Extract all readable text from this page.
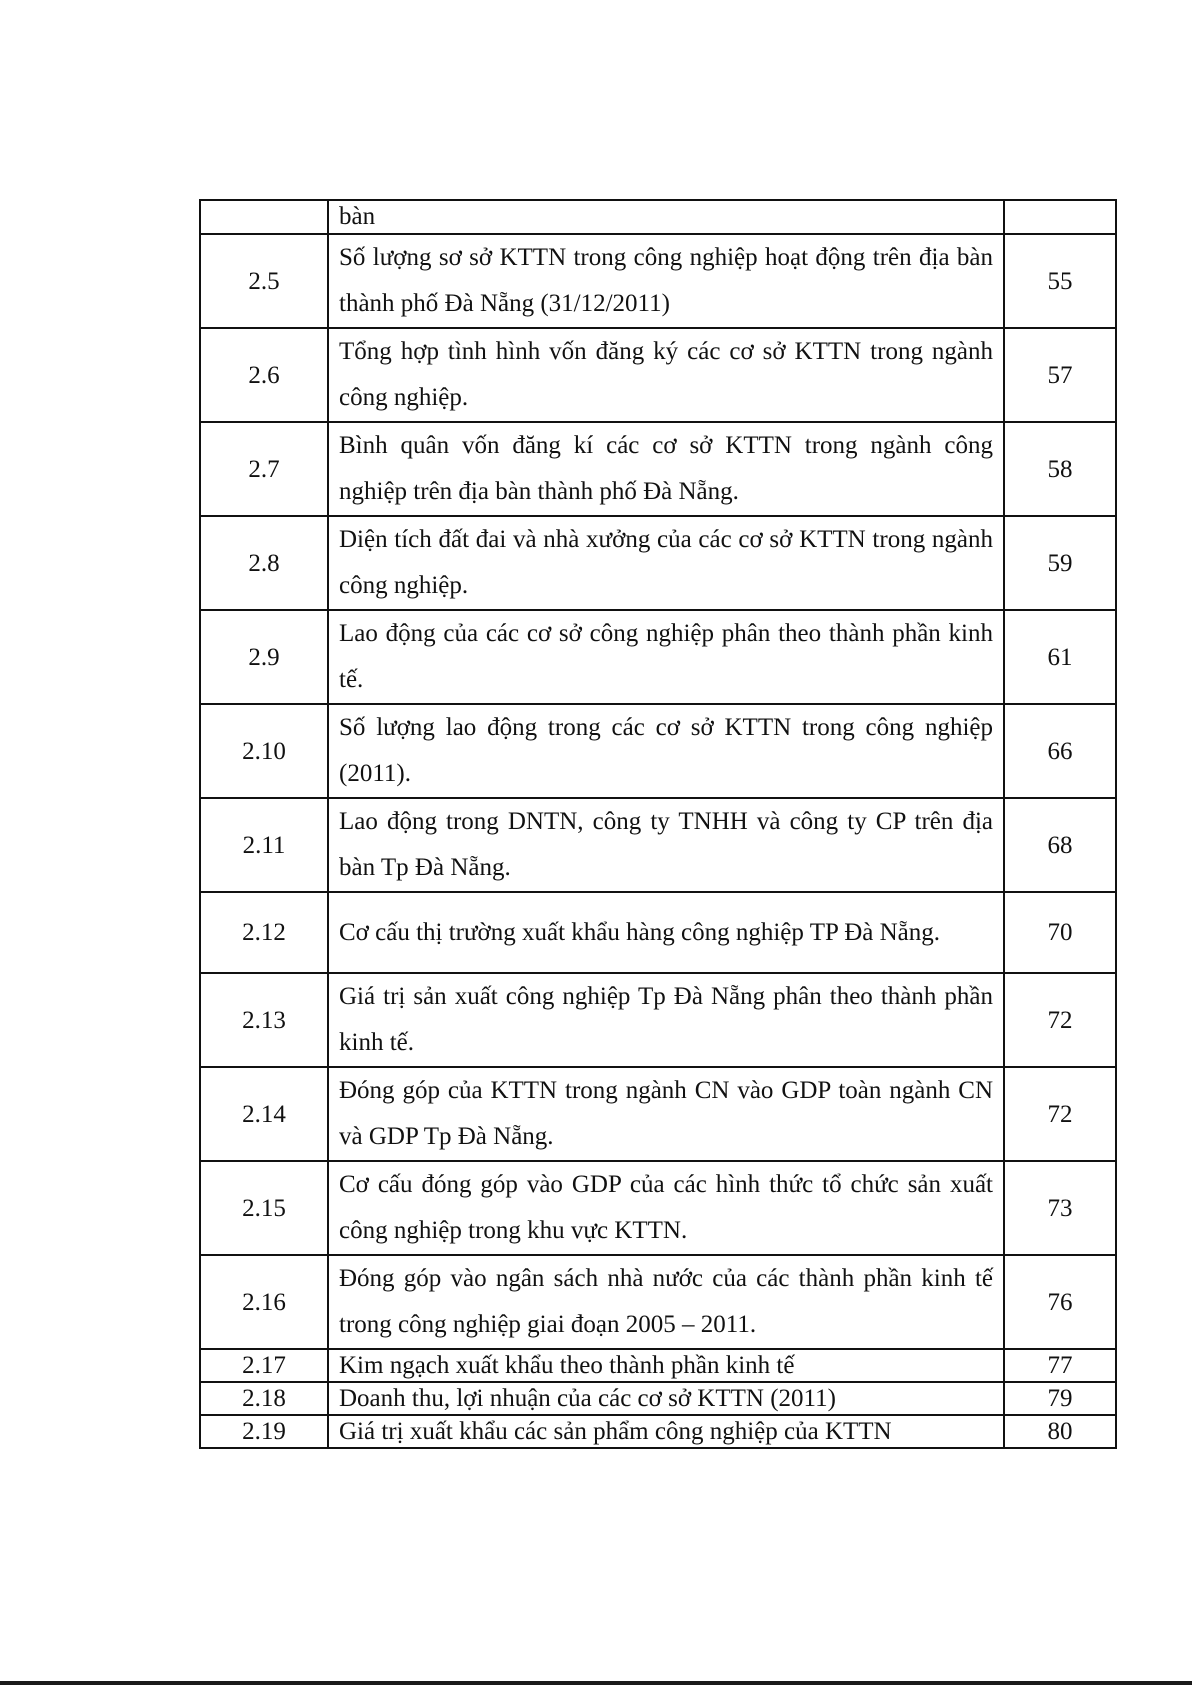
	bàn	
2.5	Số lượng sơ sở KTTN trong công nghiệp hoạt động trên địa bàn thành phố Đà Nẵng (31/12/2011)	55
2.6	Tổng hợp tình hình vốn đăng ký các cơ sở KTTN trong ngành công nghiệp.	57
2.7	Bình quân vốn đăng kí các cơ sở KTTN trong ngành công nghiệp trên địa bàn thành phố Đà Nẵng.	58
2.8	Diện tích đất đai và nhà xưởng của các cơ sở KTTN trong ngành công nghiệp.	59
2.9	Lao động của các cơ sở công nghiệp phân theo thành phần kinh tế.	61
2.10	Số lượng lao động trong các cơ sở KTTN trong công nghiệp (2011).	66
2.11	Lao động trong DNTN, công ty TNHH và công ty CP trên địa bàn Tp Đà Nẵng.	68
2.12	Cơ cấu thị trường xuất khẩu hàng công nghiệp TP Đà Nẵng.	70
2.13	Giá trị sản xuất công nghiệp Tp Đà Nẵng phân theo thành phần kinh tế.	72
2.14	Đóng góp của KTTN trong ngành CN vào GDP toàn ngành CN và GDP Tp Đà Nẵng.	72
2.15	Cơ cấu đóng góp vào GDP của các hình thức tổ chức sản xuất công nghiệp trong khu vực KTTN.	73
2.16	Đóng góp vào ngân sách nhà nước của các thành phần kinh tế trong công nghiệp giai đoạn 2005 – 2011.	76
2.17	Kim ngạch xuất khẩu theo thành phần kinh tế	77
2.18	Doanh thu, lợi nhuận của các cơ sở KTTN (2011)	79
2.19	Giá trị xuất khẩu các sản phẩm công nghiệp của KTTN	80
